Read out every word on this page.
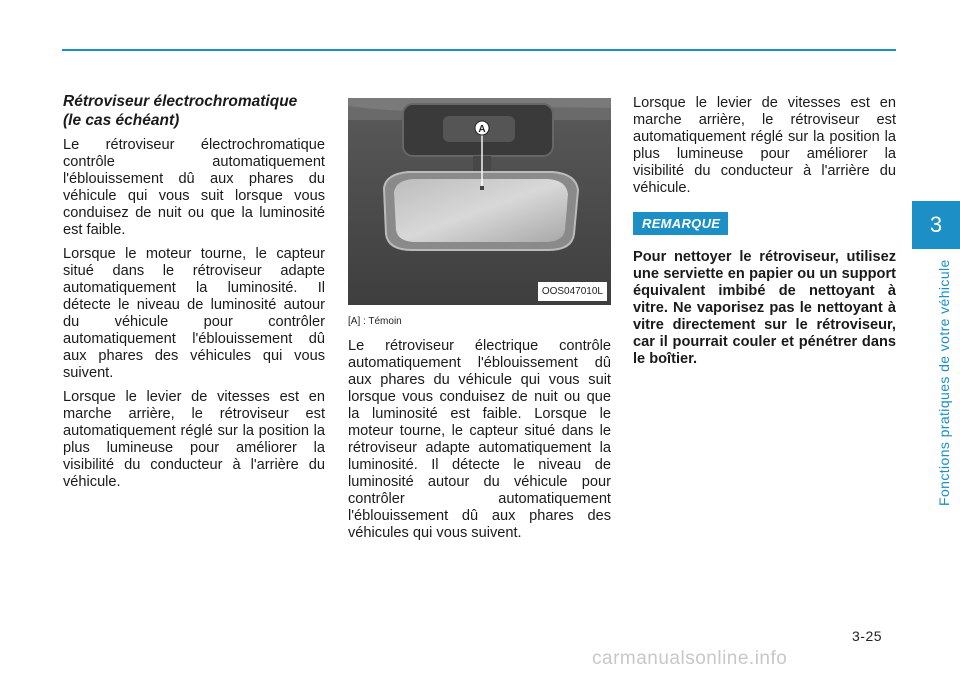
Rétroviseur électrochromatique
(le cas échéant)

Le rétroviseur électrochromatique contrôle automatiquement l'éblouissement dû aux phares du véhicule qui vous suit lorsque vous conduisez de nuit ou que la luminosité est faible.

Lorsque le moteur tourne, le capteur situé dans le rétroviseur adapte automatiquement la luminosité. Il détecte le niveau de luminosité autour du véhicule pour contrôler automatiquement l'éblouissement dû aux phares des véhicules qui vous suivent.

Lorsque le levier de vitesses est en marche arrière, le rétroviseur est automatiquement réglé sur la position la plus lumineuse pour améliorer la visibilité du conducteur à l'arrière du véhicule.

A
OOS047010L
[A] : Témoin

Le rétroviseur électrique contrôle automatiquement l'éblouissement dû aux phares du véhicule qui vous suit lorsque vous conduisez de nuit ou que la luminosité est faible. Lorsque le moteur tourne, le capteur situé dans le rétroviseur adapte automatiquement la luminosité. Il détecte le niveau de luminosité autour du véhicule pour contrôler automatiquement l'éblouissement dû aux phares des véhicules qui vous suivent.

Lorsque le levier de vitesses est en marche arrière, le rétroviseur est automatiquement réglé sur la position la plus lumineuse pour améliorer la visibilité du conducteur à l'arrière du véhicule.

REMARQUE
Pour nettoyer le rétroviseur, utilisez une serviette en papier ou un support équivalent imbibé de nettoyant à vitre. Ne vaporisez pas le nettoyant à vitre directement sur le rétroviseur, car il pourrait couler et pénétrer dans le boîtier.
3
Fonctions pratiques de votre véhicule
3-25
carmanualsonline.info
